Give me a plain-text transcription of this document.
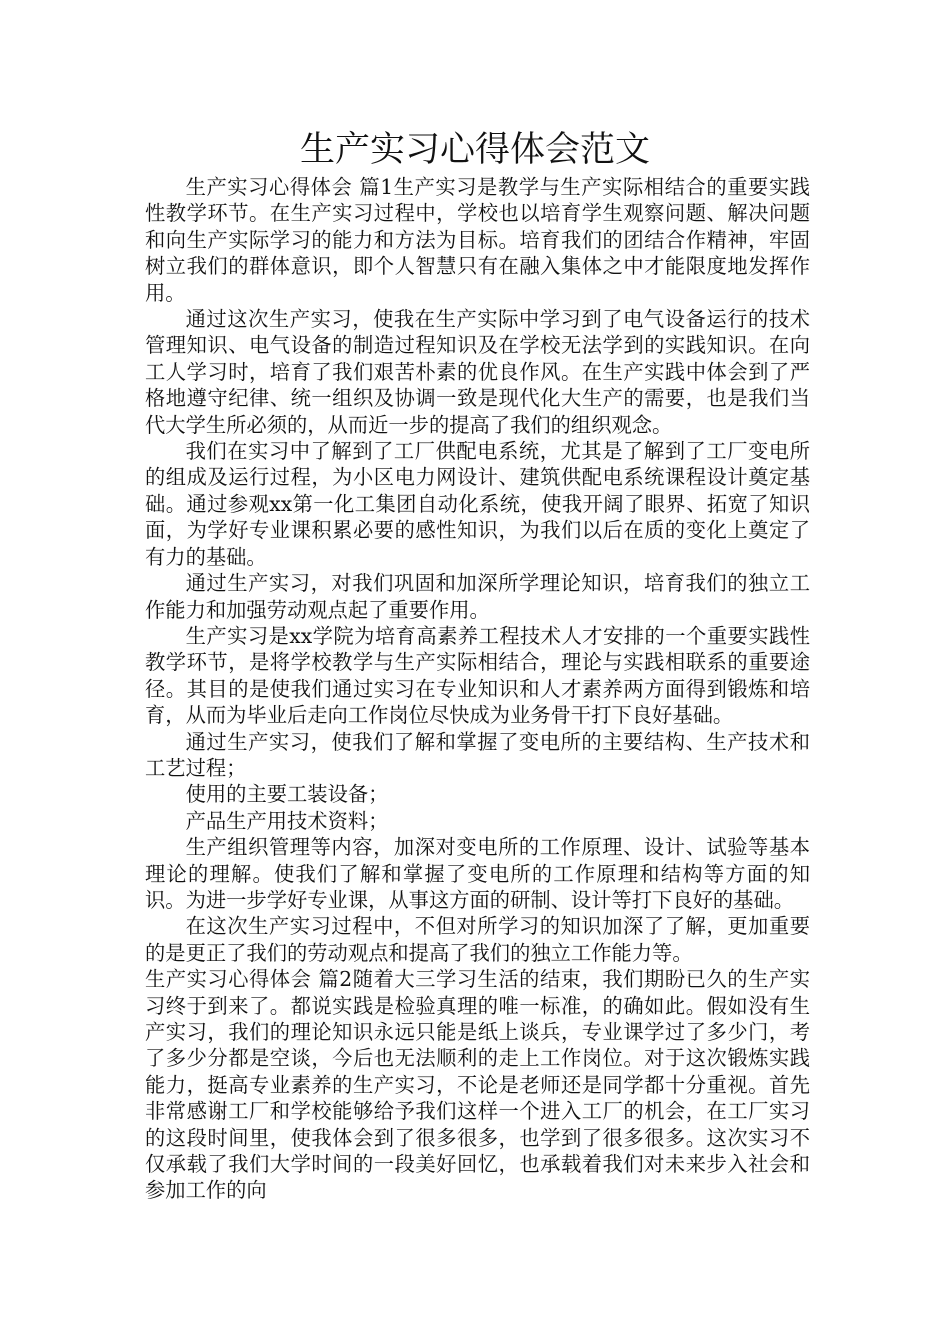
生产实习心得体会范文

生产实习心得体会 篇1生产实习是教学与生产实际相结合的重要实践性教学环节。在生产实习过程中，学校也以培育学生观察问题、解决问题和向生产实际学习的能力和方法为目标。培育我们的团结合作精神，牢固树立我们的群体意识，即个人智慧只有在融入集体之中才能限度地发挥作用。

通过这次生产实习，使我在生产实际中学习到了电气设备运行的技术管理知识、电气设备的制造过程知识及在学校无法学到的实践知识。在向工人学习时，培育了我们艰苦朴素的优良作风。在生产实践中体会到了严格地遵守纪律、统一组织及协调一致是现代化大生产的需要，也是我们当代大学生所必须的，从而近一步的提高了我们的组织观念。

我们在实习中了解到了工厂供配电系统，尤其是了解到了工厂变电所的组成及运行过程，为小区电力网设计、建筑供配电系统课程设计奠定基础。通过参观xx第一化工集团自动化系统，使我开阔了眼界、拓宽了知识面，为学好专业课积累必要的感性知识，为我们以后在质的变化上奠定了有力的基础。

通过生产实习，对我们巩固和加深所学理论知识，培育我们的独立工作能力和加强劳动观点起了重要作用。

生产实习是xx学院为培育高素养工程技术人才安排的一个重要实践性教学环节，是将学校教学与生产实际相结合，理论与实践相联系的重要途径。其目的是使我们通过实习在专业知识和人才素养两方面得到锻炼和培育，从而为毕业后走向工作岗位尽快成为业务骨干打下良好基础。

通过生产实习，使我们了解和掌握了变电所的主要结构、生产技术和工艺过程；

使用的主要工装设备；

产品生产用技术资料；

生产组织管理等内容，加深对变电所的工作原理、设计、试验等基本理论的理解。使我们了解和掌握了变电所的工作原理和结构等方面的知识。为进一步学好专业课，从事这方面的研制、设计等打下良好的基础。

在这次生产实习过程中，不但对所学习的知识加深了了解，更加重要的是更正了我们的劳动观点和提高了我们的独立工作能力等。

生产实习心得体会 篇2随着大三学习生活的结束，我们期盼已久的生产实习终于到来了。都说实践是检验真理的唯一标准，的确如此。假如没有生产实习，我们的理论知识永远只能是纸上谈兵，专业课学过了多少门，考了多少分都是空谈，今后也无法顺利的走上工作岗位。对于这次锻炼实践能力，挺高专业素养的生产实习，不论是老师还是同学都十分重视。首先非常感谢工厂和学校能够给予我们这样一个进入工厂的机会，在工厂实习的这段时间里，使我体会到了很多很多，也学到了很多很多。这次实习不仅承载了我们大学时间的一段美好回忆，也承载着我们对未来步入社会和参加工作的向
